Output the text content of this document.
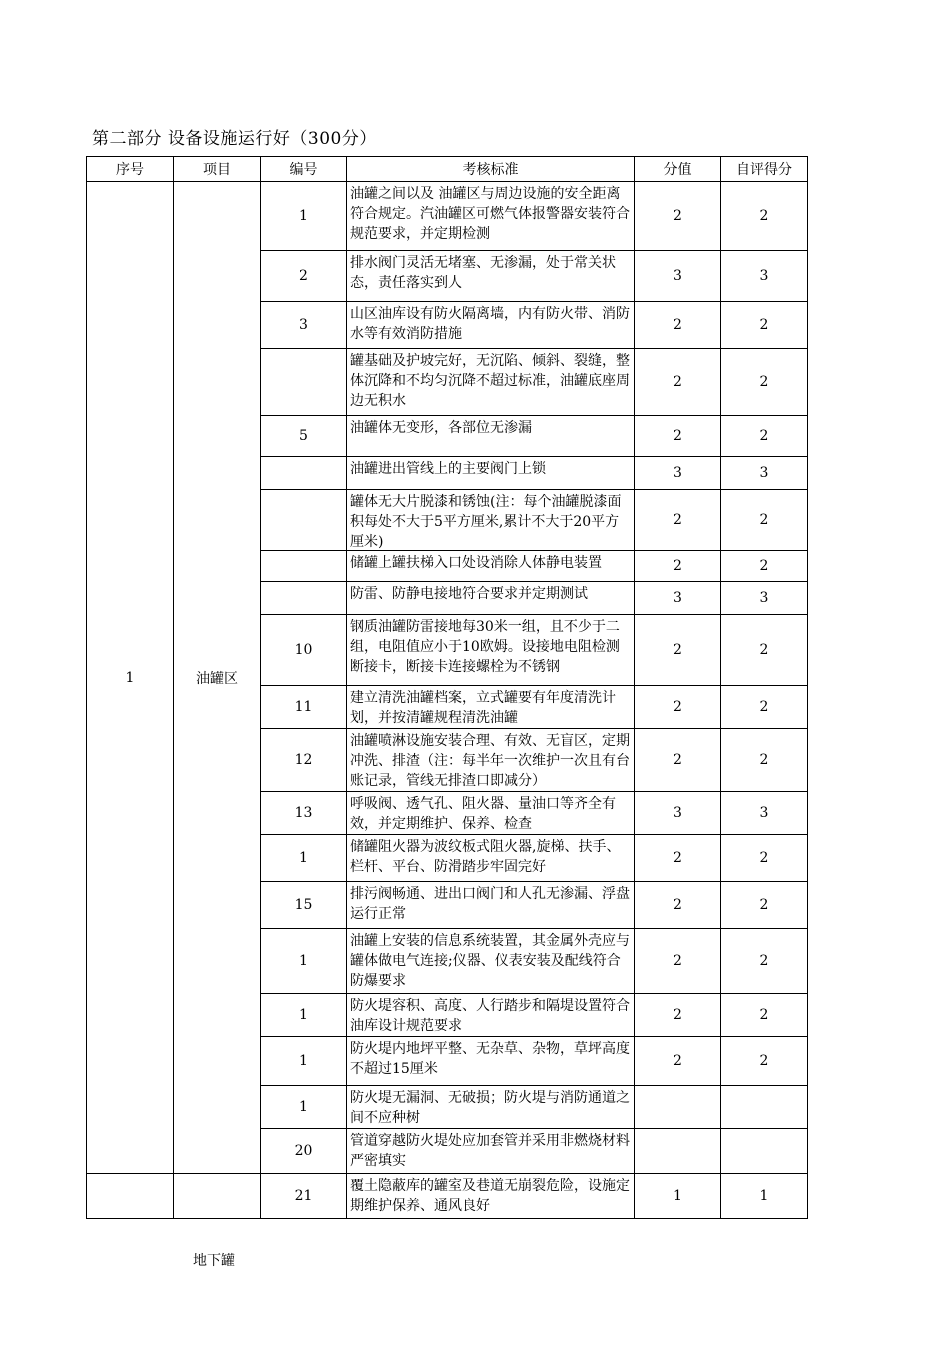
第二部分 设备设施运行好（300分）
序号	项目	编号	考核标准	分值	自评得分
1	油罐区	1	油罐之间以及 油罐区与周边设施的安全距离符合规定。汽油罐区可燃气体报警器安装符合规范要求，并定期检测	2	2
		2	排水阀门灵活无堵塞、无渗漏，处于常关状态，责任落实到人	3	3
		3	山区油库设有防火隔离墙，内有防火带、消防水等有效消防措施	2	2

			罐基础及护坡完好，无沉陷、倾斜、裂缝，整体沉降和不均匀沉降不超过标准，油罐底座周边无积水	2	2
		5	油罐体无变形，各部位无渗漏	2	2

			油罐进出管线上的主要阀门上锁	3	3

			罐体无大片脱漆和锈蚀(注：每个油罐脱漆面积每处不大于5平方厘米,累计不大于20平方厘米)	2	2

			储罐上罐扶梯入口处设消除人体静电装置	2	2

			防雷、防静电接地符合要求并定期测试	3	3
		10	钢质油罐防雷接地每30米一组，且不少于二组，电阻值应小于10欧姆。设接地电阻检测断接卡，断接卡连接螺栓为不锈钢	2	2
		11	建立清洗油罐档案，立式罐要有年度清洗计划，并按清罐规程清洗油罐	2	2
		12	油罐喷淋设施安装合理、有效、无盲区，定期冲洗、排渣（注：每半年一次维护一次且有台账记录，管线无排渣口即减分）	2	2
		13	呼吸阀、透气孔、阻火器、量油口等齐全有效，并定期维护、保养、检查	3	3
		1	储罐阻火器为波纹板式阻火器,旋梯、扶手、栏杆、平台、防滑踏步牢固完好	2	2
		15	排污阀畅通、进出口阀门和人孔无渗漏、浮盘运行正常	2	2
		1	油罐上安装的信息系统装置，其金属外壳应与罐体做电气连接;仪器、仪表安装及配线符合防爆要求	2	2
		1	防火堤容积、高度、人行踏步和隔堤设置符合油库设计规范要求	2	2
		1	防火堤内地坪平整、无杂草、杂物，草坪高度不超过15厘米	2	2
		1	防火堤无漏洞、无破损；防火堤与消防通道之间不应种树		

		20	管道穿越防火堤处应加套管并采用非燃烧材料严密填实		

		21	覆土隐蔽库的罐室及巷道无崩裂危险，设施定期维护保养、通风良好	1	1
地下罐
